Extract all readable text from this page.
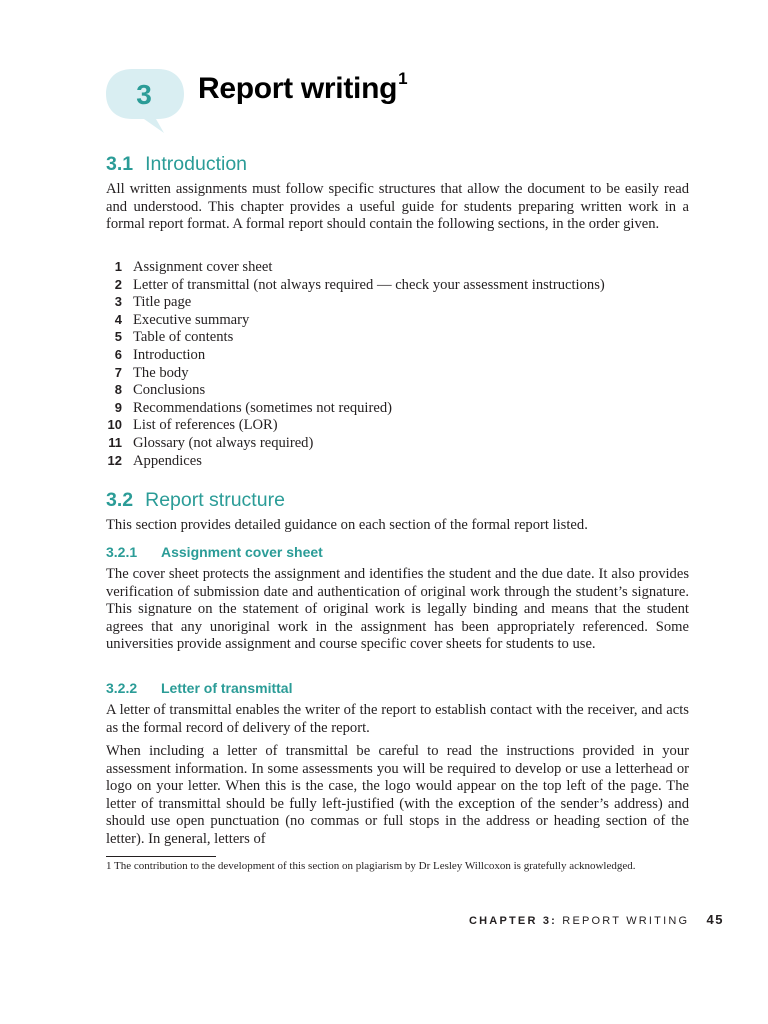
3	Report writing$^1$
3.1 Introduction

All written assignments must follow specific structures that allow the document to be easily read and understood. This chapter provides a useful guide for students preparing written work in a formal report format. A formal report should contain the following sections, in the order given.

1 Assignment cover sheet
2 Letter of transmittal (not always required — check your assessment instructions)
3 Title page
4 Executive summary
5 Table of contents
6 Introduction
7 The body
8 Conclusions
9 Recommendations (sometimes not required)
10 List of references (LOR)
11 Glossary (not always required)
12 Appendices
3.2 Report structure

This section provides detailed guidance on each section of the formal report listed.

3.2.1 Assignment cover sheet

The cover sheet protects the assignment and identifies the student and the due date. It also provides verification of submission date and authentication of original work through the student’s signature. This signature on the statement of original work is legally binding and means that the student agrees that any unoriginal work in the assignment has been appropriately referenced. Some universities provide assignment and course specific cover sheets for students to use.

3.2.2 Letter of transmittal

A letter of transmittal enables the writer of the report to establish contact with the receiver, and acts as the formal record of delivery of the report.

When including a letter of transmittal be careful to read the instructions provided in your assessment information. In some assessments you will be required to develop or use a letterhead or logo on your letter. When this is the case, the logo would appear on the top left of the page. The letter of transmittal should be fully left-justified (with the exception of the sender’s address) and should use open punctuation (no commas or full stops in the address or heading section of the letter). In general, letters of

1 The contribution to the development of this section on plagiarism by Dr Lesley Willcoxon is gratefully acknowledged.

CHAPTER 3: REPORT WRITING 45
